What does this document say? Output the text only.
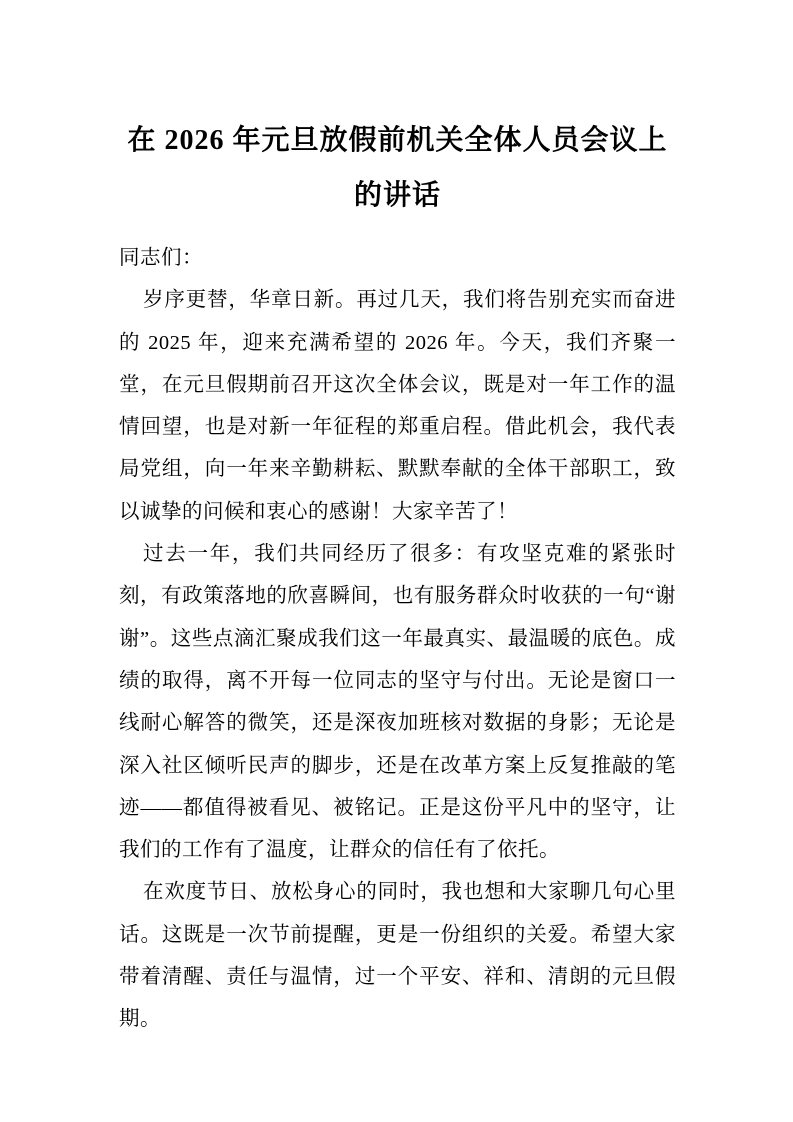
在 2026 年元旦放假前机关全体人员会议上
的讲话

同志们：

岁序更替，华章日新。再过几天，我们将告别充实而奋进的 2025 年，迎来充满希望的 2026 年。今天，我们齐聚一堂，在元旦假期前召开这次全体会议，既是对一年工作的温情回望，也是对新一年征程的郑重启程。借此机会，我代表局党组，向一年来辛勤耕耘、默默奉献的全体干部职工，致以诚挚的问候和衷心的感谢！大家辛苦了！

过去一年，我们共同经历了很多：有攻坚克难的紧张时刻，有政策落地的欣喜瞬间，也有服务群众时收获的一句“谢谢”。这些点滴汇聚成我们这一年最真实、最温暖的底色。成绩的取得，离不开每一位同志的坚守与付出。无论是窗口一线耐心解答的微笑，还是深夜加班核对数据的身影；无论是深入社区倾听民声的脚步，还是在改革方案上反复推敲的笔迹——都值得被看见、被铭记。正是这份平凡中的坚守，让我们的工作有了温度，让群众的信任有了依托。

在欢度节日、放松身心的同时，我也想和大家聊几句心里话。这既是一次节前提醒，更是一份组织的关爱。希望大家带着清醒、责任与温情，过一个平安、祥和、清朗的元旦假期。
